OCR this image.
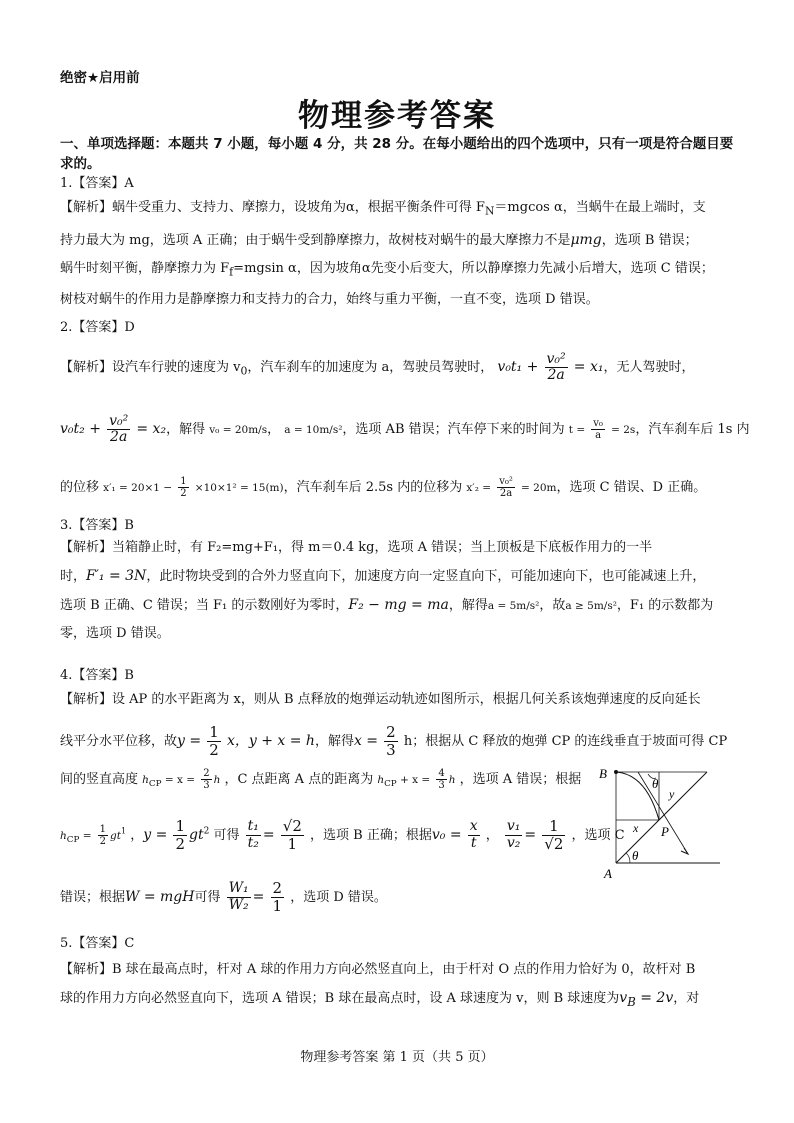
绝密★启用前
物理参考答案
一、单项选择题：本题共 7 小题，每小题 4 分，共 28 分。在每小题给出的四个选项中，只有一项是符合题目要求的。
1.【答案】A
【解析】蜗牛受重力、支持力、摩擦力，设坡角为α，根据平衡条件可得 $F_N=mgcos$ α，当蜗牛在最上端时，支
持力最大为 mg，选项 A 正确；由于蜗牛受到静摩擦力，故树枝对蜗牛的最大摩擦力不是μmg，选项 B 错误；
蜗牛时刻平衡，静摩擦力为 $F_f=mgsin$ α，因为坡角α先变小后变大，所以静摩擦力先减小后增大，选项 C 错误；
树枝对蜗牛的作用力是静摩擦力和支持力的合力，始终与重力平衡，一直不变，选项 D 错误。
2.【答案】D
【解析】设汽车行驶的速度为 $v_0$，汽车刹车的加速度为 a，驾驶员驾驶时， $v_0t_1 + \frac{\text{v₀²}}{2a} = x_1$，无人驾驶时，
$v_0t_2 + \frac{\text{v₀²}}{2a} = x_2$，解得 v₀ = 20m/s， a = 10m/s²，选项 AB 错误；汽车停下来的时间为 $t = \frac{\text{v₀}}{a} = 2s$，汽车刹车后 1s 内
的位移 $x'_1 = 20\times 1 - \frac{1}{2} \times 10\times 1^2 = 15(m)$，汽车刹车后 2.5s 内的位移为 $x'_2 = \frac{\text{v₀²}}{2a} = 20m$，选项 C 错误、D 正确。
3.【答案】B
【解析】当箱静止时，有 F₂=mg+F₁，得 m＝0.4 kg，选项 A 错误；当上顶板是下底板作用力的一半
时，F′₁ = 3N，此时物块受到的合外力竖直向下，加速度方向一定竖直向下，可能加速向下，也可能减速上升，
选项 B 正确、C 错误；当 F₁ 的示数刚好为零时，F₂ − mg = ma，解得a = 5m/s²，故a ≥ 5m/s²，F₁ 的示数都为
零，选项 D 错误。
4.【答案】B
【解析】设 AP 的水平距离为 x，则从 B 点释放的炮弹运动轨迹如图所示，根据几何关系该炮弹速度的反向延长
线平分水平位移，故$y = \frac{1}{2}$ x，y + x = h，解得$x = \frac{2}{3}$ h；根据从 C 释放的炮弹 CP 的连线垂直于坡面可得 CP
间的竖直高度 $h_{CP} = x = \frac{2}{3}$ h ，C 点距离 A 点的距离为 $h_{CP} + x = \frac{4}{3}$ h ，选项 A 错误；根据
$h_{CP} = \frac{1}{2} gt^1$ ，$y = \frac{1}{2} gt^2$ 可得 $\frac{\text{t₁}}{\text{t₂}} = \frac{√2}{1}$ ，选项 B 正确；根据$v_0 = \frac{x}{t}$ ， $\frac{\text{v₁}}{\text{v₂}} = \frac{1}{√2}$ ，选项 C
错误；根据W = mgH可得 $\frac{\text{W₁}}{\text{W₂}} = \frac{2}{1}$ ，选项 D 错误。
B
A
P
x
y
θ
θ
5.【答案】C
【解析】B 球在最高点时，杆对 A 球的作用力方向必然竖直向上，由于杆对 O 点的作用力恰好为 0，故杆对 B
球的作用力方向必然竖直向下，选项 A 错误；B 球在最高点时，设 A 球速度为 v，则 B 球速度为$v_B = 2v$，对
物理参考答案 第 1 页（共 5 页）
